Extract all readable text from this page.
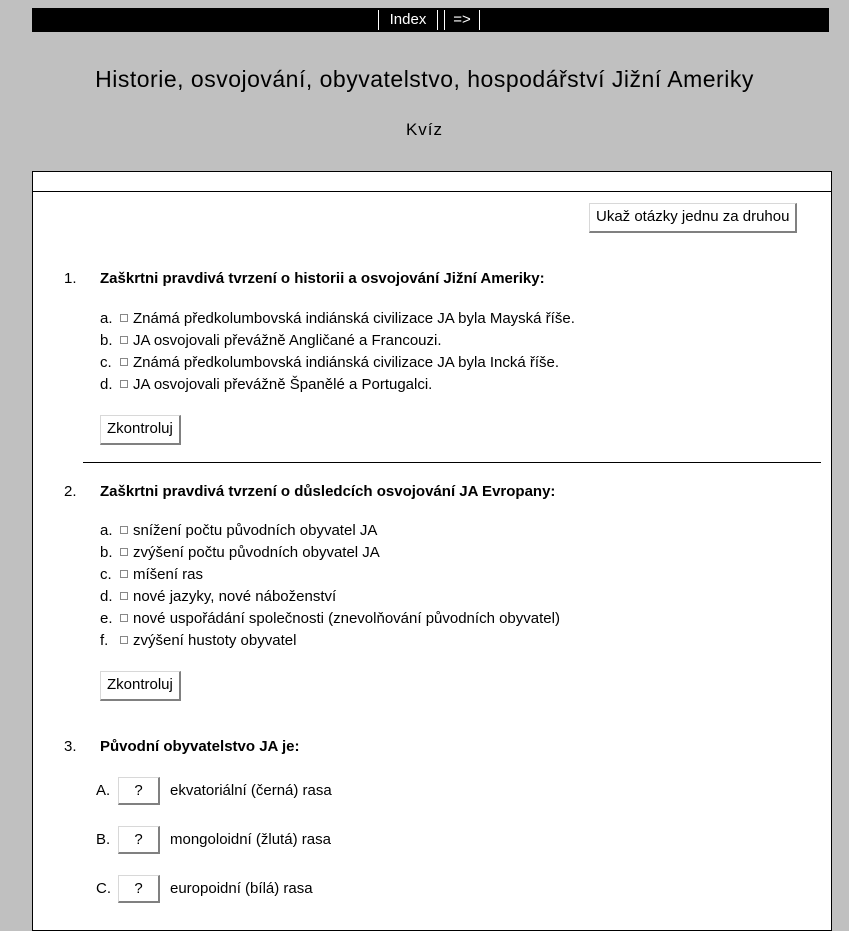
Index	=>
Historie, osvojování, obyvatelstvo, hospodářství Jižní Ameriky
Kvíz
Ukaž otázky jednu za druhou
1. Zaškrtni pravdivá tvrzení o historii a osvojování Jižní Ameriky:
a. Známá předkolumbovská indiánská civilizace JA byla Mayská říše.
b. JA osvojovali převážně Angličané a Francouzi.
c. Známá předkolumbovská indiánská civilizace JA byla Incká říše.
d. JA osvojovali převážně Španělé a Portugalci.
Zkontroluj
2. Zaškrtni pravdivá tvrzení o důsledcích osvojování JA Evropany:
a. snížení počtu původních obyvatel JA
b. zvýšení počtu původních obyvatel JA
c. míšení ras
d. nové jazyky, nové náboženství
e. nové uspořádání společnosti (znevolňování původních obyvatel)
f. zvýšení hustoty obyvatel
Zkontroluj
3. Původní obyvatelstvo JA je:
A. ? ekvatoriální (černá) rasa
B. ? mongoloidní (žlutá) rasa
C. ? europoidní (bílá) rasa
